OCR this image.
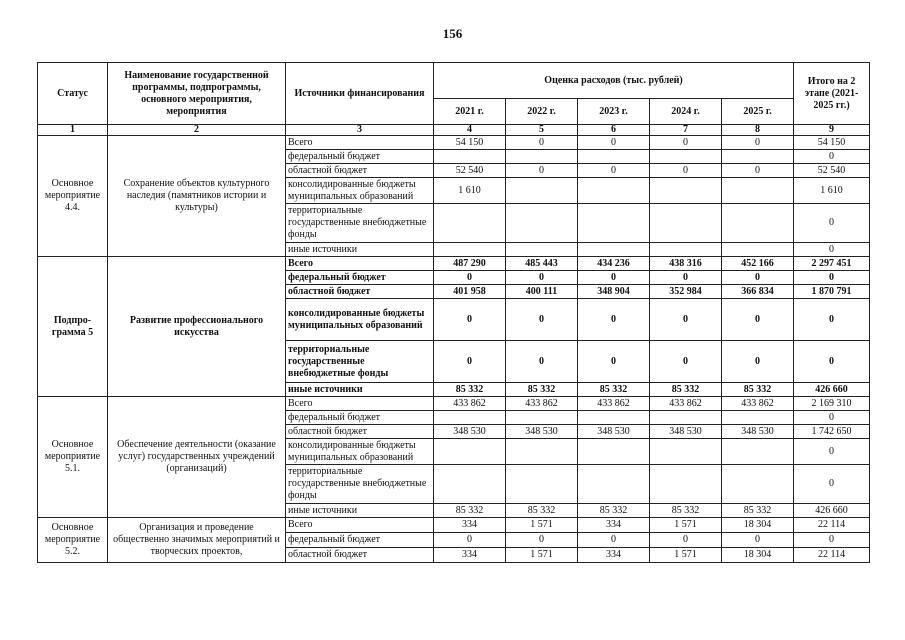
156
Статус	Наименование государственной программы, подпрограммы, основного мероприятия, мероприятия	Источники финансирования	Оценка расходов (тыс. рублей)					Итого на 2 этапе (2021-2025 гг.)
			2021 г.	2022 г.	2023 г.	2024 г.	2025 г.	
1	2	3	4	5	6	7	8	9
Основное мероприятие 4.4.	Сохранение объектов культурного наследия (памятников истории и культуры)	Всего	54 150	0	0	0	0	54 150
		федеральный бюджет						0
		областной бюджет	52 540	0	0	0	0	52 540
		консолидированные бюджеты муниципальных образований	1 610					1 610
		территориальные государственные внебюджетные фонды						0
		иные источники						0
Подпро-грамма 5	Развитие профессионального искусства	Всего	487 290	485 443	434 236	438 316	452 166	2 297 451
		федеральный бюджет	0	0	0	0	0	0
		областной бюджет	401 958	400 111	348 904	352 984	366 834	1 870 791
		консолидированные бюджеты муниципальных образований	0	0	0	0	0	0
		территориальные государственные внебюджетные фонды	0	0	0	0	0	0
		иные источники	85 332	85 332	85 332	85 332	85 332	426 660
Основное мероприятие 5.1.	Обеспечение деятельности (оказание услуг) государственных учреждений (организаций)	Всего	433 862	433 862	433 862	433 862	433 862	2 169 310
		федеральный бюджет						0
		областной бюджет	348 530	348 530	348 530	348 530	348 530	1 742 650
		консолидированные бюджеты муниципальных образований						0
		территориальные государственные внебюджетные фонды						0
		иные источники	85 332	85 332	85 332	85 332	85 332	426 660
Основное мероприятие 5.2.	Организация и проведение общественно значимых мероприятий и творческих проектов,	Всего	334	1 571	334	1 571	18 304	22 114
		федеральный бюджет	0	0	0	0	0	0
		областной бюджет	334	1 571	334	1 571	18 304	22 114
